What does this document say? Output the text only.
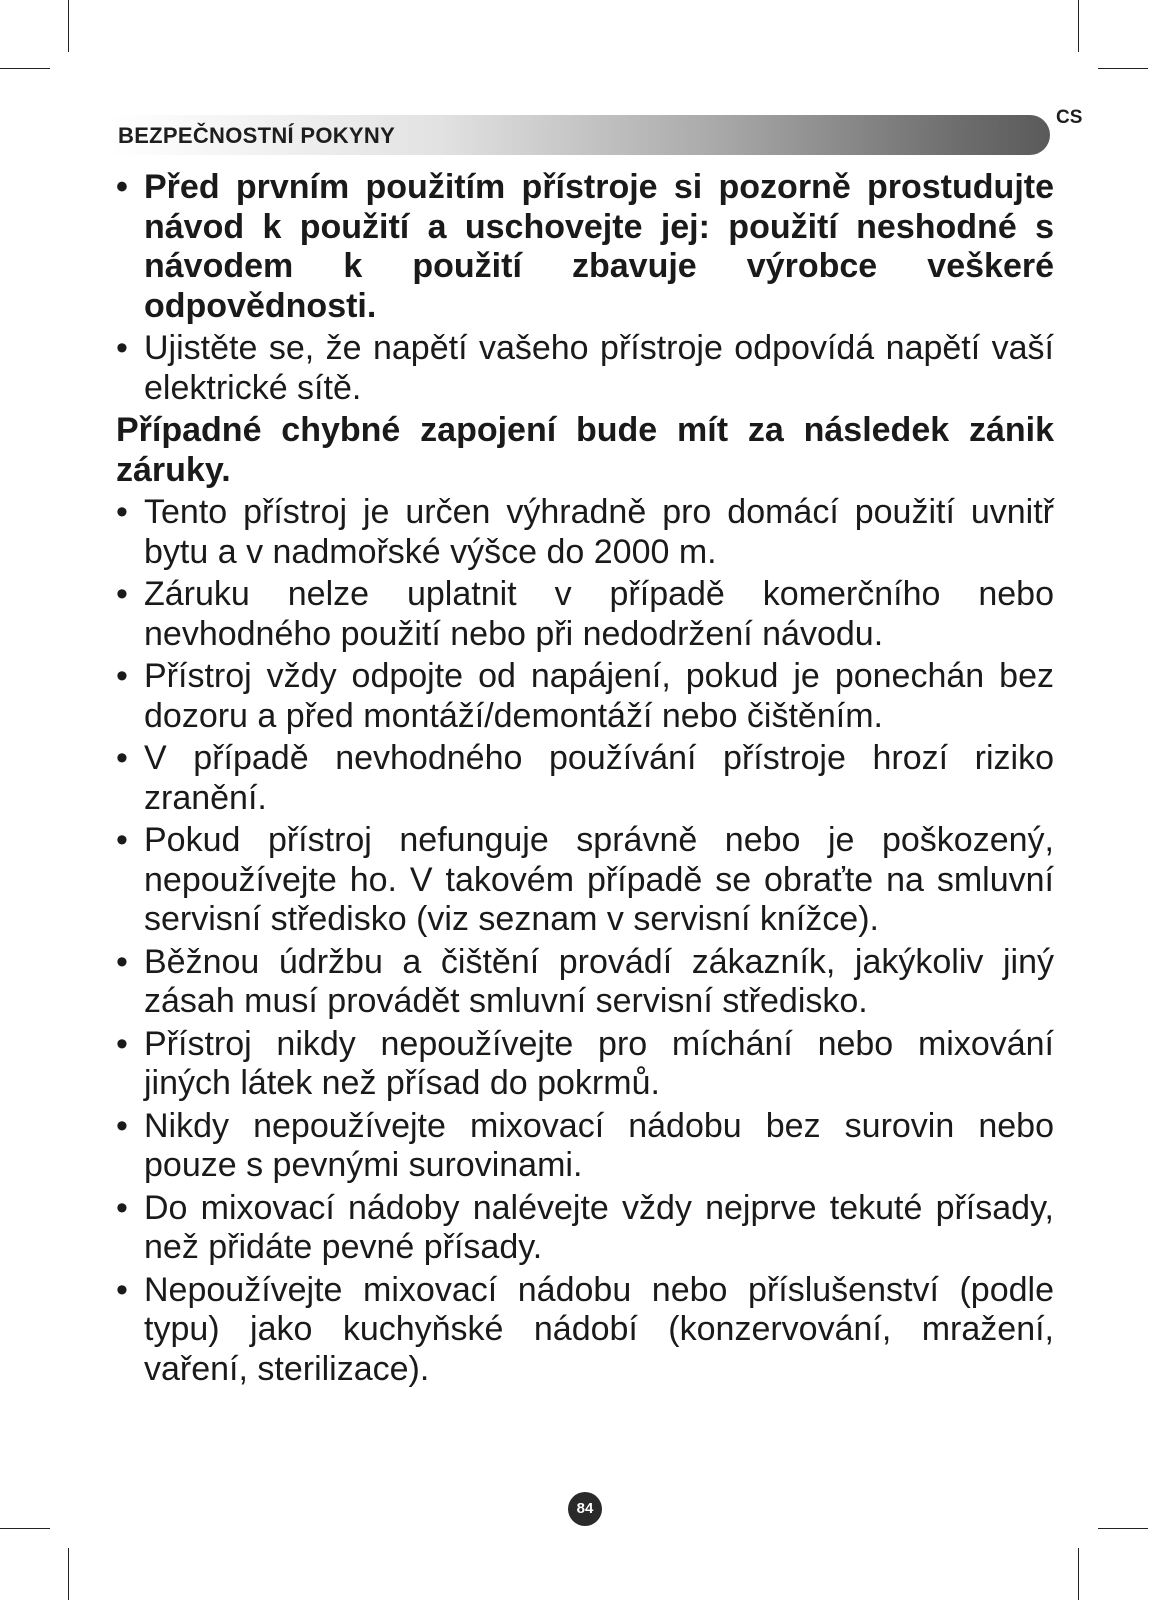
BEZPEČNOSTNÍ POKYNY
CS
• Před prvním použitím přístroje si pozorně prostudujte návod k použití a uschovejte jej: použití neshodné s návodem k použití zbavuje výrobce veškeré odpovědnosti.
• Ujistěte se, že napětí vašeho přístroje odpovídá napětí vaší elektrické sítě.
Případné chybné zapojení bude mít za následek zánik záruky.
• Tento přístroj je určen výhradně pro domácí použití uvnitř bytu a v nadmořské výšce do 2000 m.
• Záruku nelze uplatnit v případě komerčního nebo nevhodného použití nebo při nedodržení návodu.
• Přístroj vždy odpojte od napájení, pokud je ponechán bez dozoru a před montáží/demontáží nebo čištěním.
• V případě nevhodného používání přístroje hrozí riziko zranění.
• Pokud přístroj nefunguje správně nebo je poškozený, nepoužívejte ho. V takovém případě se obraťte na smluvní servisní středisko (viz seznam v servisní knížce).
• Běžnou údržbu a čištění provádí zákazník, jakýkoliv jiný zásah musí provádět smluvní servisní středisko.
• Přístroj nikdy nepoužívejte pro míchání nebo mixování jiných látek než přísad do pokrmů.
• Nikdy nepoužívejte mixovací nádobu bez surovin nebo pouze s pevnými surovinami.
• Do mixovací nádoby nalévejte vždy nejprve tekuté přísady, než přidáte pevné přísady.
• Nepoužívejte mixovací nádobu nebo příslušenství (podle typu) jako kuchyňské nádobí (konzervování, mražení, vaření, sterilizace).
84
